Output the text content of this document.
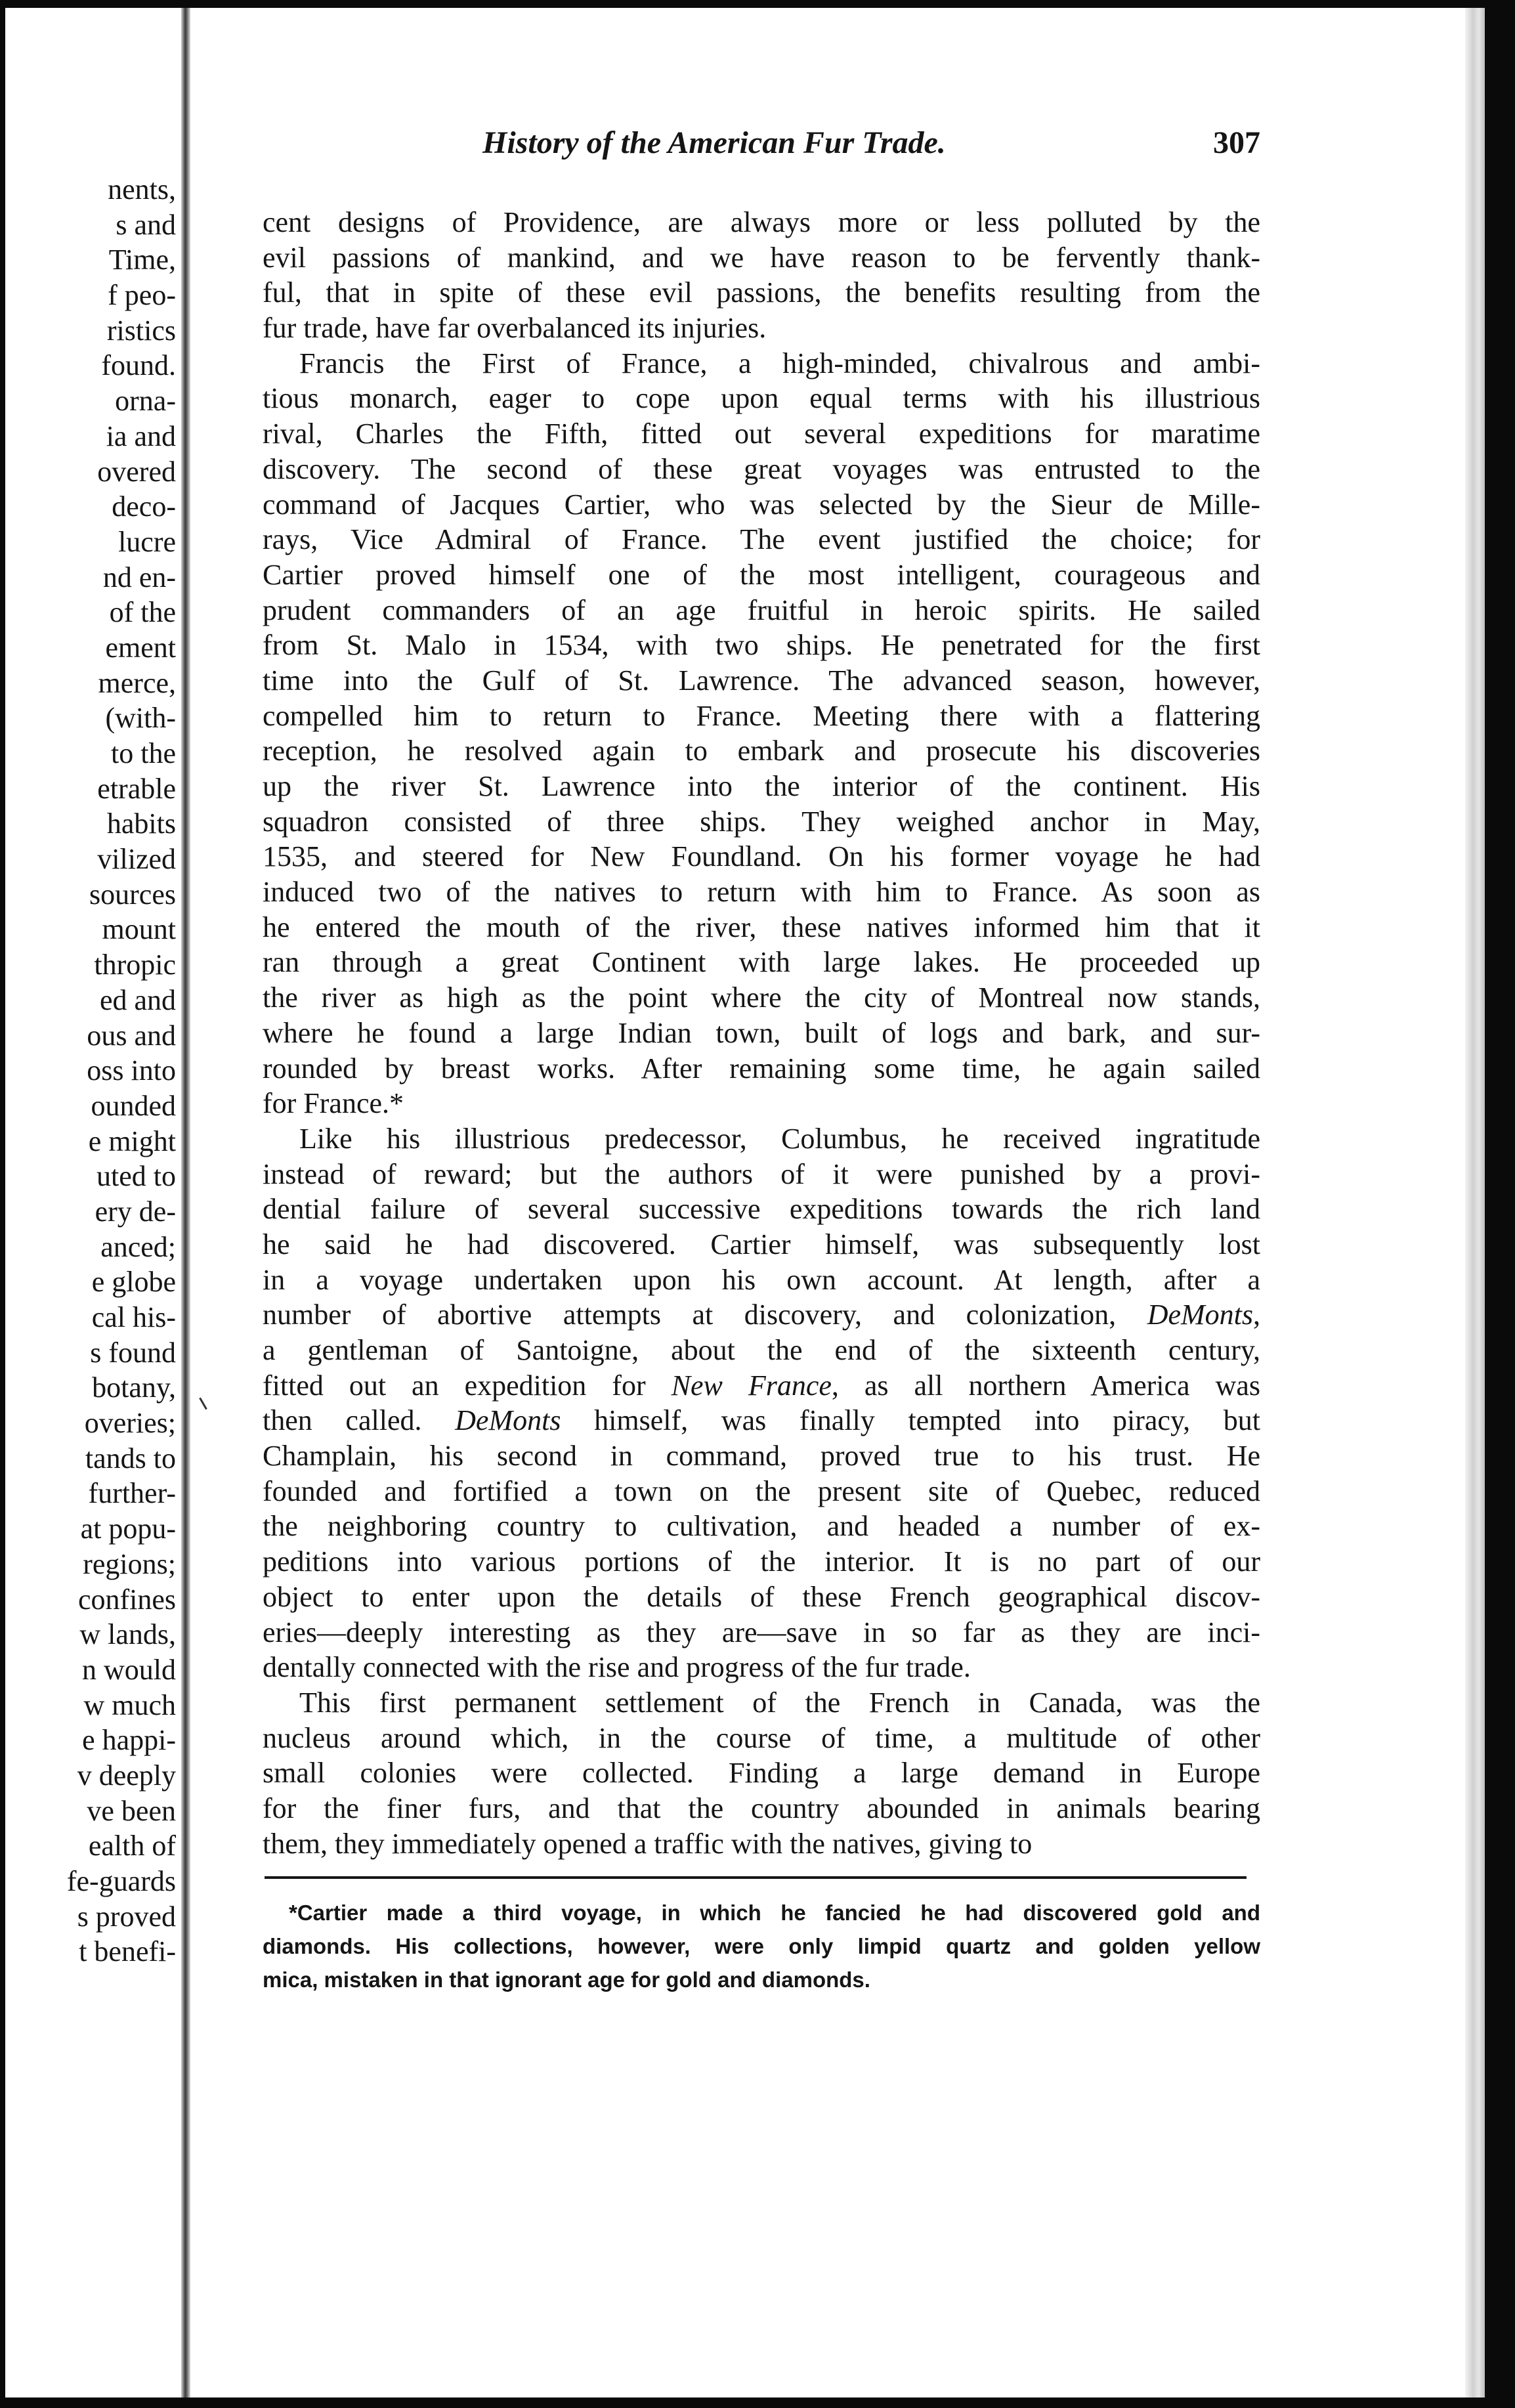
nents,
s and
Time,
f peo-
ristics
found.
orna-
ia and
overed
deco-
lucre
nd en-
of the
ement
merce,
(with-
to the
etrable
habits
vilized
sources
mount
thropic
ed and
ous and
oss into
ounded
e might
uted to
ery de-
anced;
e globe
cal his-
s found
botany,
overies;
tands to
further-
at popu-
regions;
confines
w lands,
n would
w much
e happi-
v deeply
ve been
ealth of
fe-guards
s proved
t benefi-
History of the American Fur Trade.	307
cent designs of Providence, are always more or less polluted by the
evil passions of mankind, and we have reason to be fervently thank-
ful, that in spite of these evil passions, the benefits resulting from the
fur trade, have far overbalanced its injuries.
Francis the First of France, a high-minded, chivalrous and ambi-
tious monarch, eager to cope upon equal terms with his illustrious
rival, Charles the Fifth, fitted out several expeditions for maratime
discovery. The second of these great voyages was entrusted to the
command of Jacques Cartier, who was selected by the Sieur de Mille-
rays, Vice Admiral of France. The event justified the choice; for
Cartier proved himself one of the most intelligent, courageous and
prudent commanders of an age fruitful in heroic spirits. He sailed
from St. Malo in 1534, with two ships. He penetrated for the first
time into the Gulf of St. Lawrence. The advanced season, however,
compelled him to return to France. Meeting there with a flattering
reception, he resolved again to embark and prosecute his discoveries
up the river St. Lawrence into the interior of the continent. His
squadron consisted of three ships. They weighed anchor in May,
1535, and steered for New Foundland. On his former voyage he had
induced two of the natives to return with him to France. As soon as
he entered the mouth of the river, these natives informed him that it
ran through a great Continent with large lakes. He proceeded up
the river as high as the point where the city of Montreal now stands,
where he found a large Indian town, built of logs and bark, and sur-
rounded by breast works. After remaining some time, he again sailed
for France.*
Like his illustrious predecessor, Columbus, he received ingratitude
instead of reward; but the authors of it were punished by a provi-
dential failure of several successive expeditions towards the rich land
he said he had discovered. Cartier himself, was subsequently lost
in a voyage undertaken upon his own account. At length, after a
number of abortive attempts at discovery, and colonization, DeMonts,
a gentleman of Santoigne, about the end of the sixteenth century,
fitted out an expedition for New France, as all northern America was
then called. DeMonts himself, was finally tempted into piracy, but
Champlain, his second in command, proved true to his trust. He
founded and fortified a town on the present site of Quebec, reduced
the neighboring country to cultivation, and headed a number of ex-
peditions into various portions of the interior. It is no part of our
object to enter upon the details of these French geographical discov-
eries—deeply interesting as they are—save in so far as they are inci-
dentally connected with the rise and progress of the fur trade.
This first permanent settlement of the French in Canada, was the
nucleus around which, in the course of time, a multitude of other
small colonies were collected. Finding a large demand in Europe
for the finer furs, and that the country abounded in animals bearing
them, they immediately opened a traffic with the natives, giving to
*Cartier made a third voyage, in which he fancied he had discovered gold and
diamonds. His collections, however, were only limpid quartz and golden yellow
mica, mistaken in that ignorant age for gold and diamonds.
